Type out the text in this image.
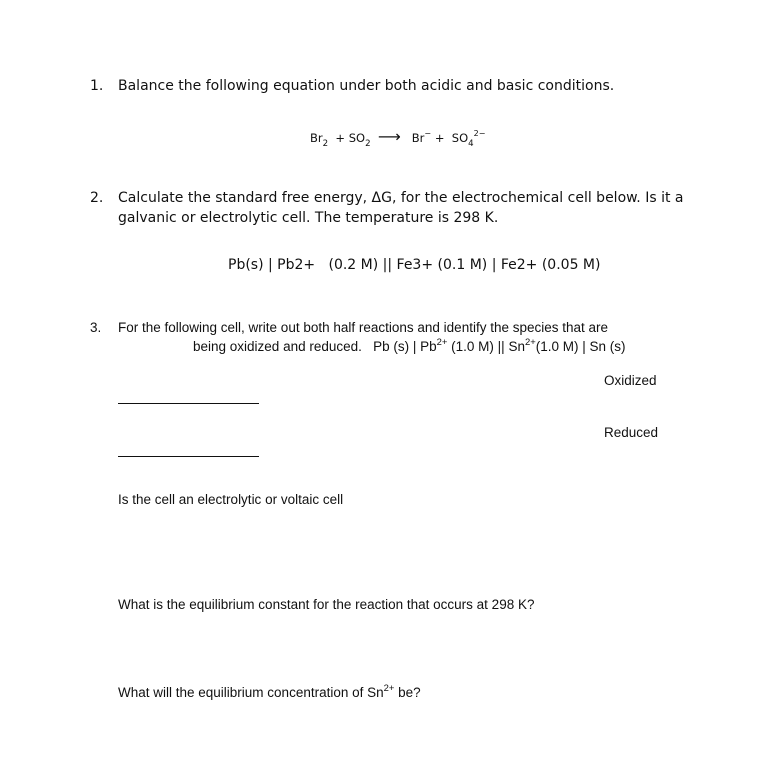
1. Balance the following equation under both acidic and basic conditions.
$Br_2 + SO_2$ ⟶ $Br^- + SO_4^{2-}$
2. Calculate the standard free energy, ΔG, for the electrochemical cell below. Is it a
galvanic or electrolytic cell. The temperature is 298 K.
Pb(s) | Pb2+   (0.2 M) || Fe3+ (0.1 M) | Fe2+ (0.05 M)
3. For the following cell, write out both half reactions and identify the species that are
being oxidized and reduced.   Pb (s) | $Pb^{2+}$ (1.0 M) || $Sn^{2+}(1.0$ M) | Sn (s)
Oxidized
Reduced
Is the cell an electrolytic or voltaic cell
What is the equilibrium constant for the reaction that occurs at 298 K?
What will the equilibrium concentration of $Sn^{2+}$ be?
